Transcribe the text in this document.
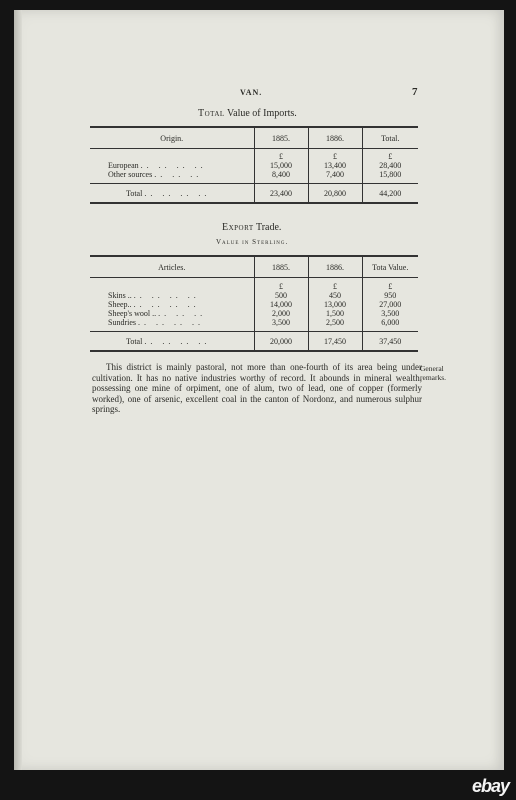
VAN.	7
Total Value of Imports.
Origin.	1885.	1886.	Total.
	£	£	£
European .. .. .. ..	15,000	13,400	28,400
Other sources .. .. ..	8,400	7,400	15,800
Total .. .. .. ..	23,400	20,800	44,200
Export Trade.
Value in Sterling.
Articles.	1885.	1886.	Tota Value.
	£	£	£
Skins .. .. .. .. ..	500	450	950
Sheep.. .. .. .. ..	14,000	13,000	27,000
Sheep's wool .. .. .. ..	2,000	1,500	3,500
Sundries .. .. .. ..	3,500	2,500	6,000
Total .. .. .. ..	20,000	17,450	37,450

This district is mainly pastoral, not more than one-fourth of its area being under cultivation. It has no native industries worthy of record. It abounds in mineral wealth, possessing one mine of orpiment, one of alum, two of lead, one of copper (formerly worked), one of arsenic, excellent coal in the canton of Nordonz, and numerous sulphur springs.

General remarks.
ebay
